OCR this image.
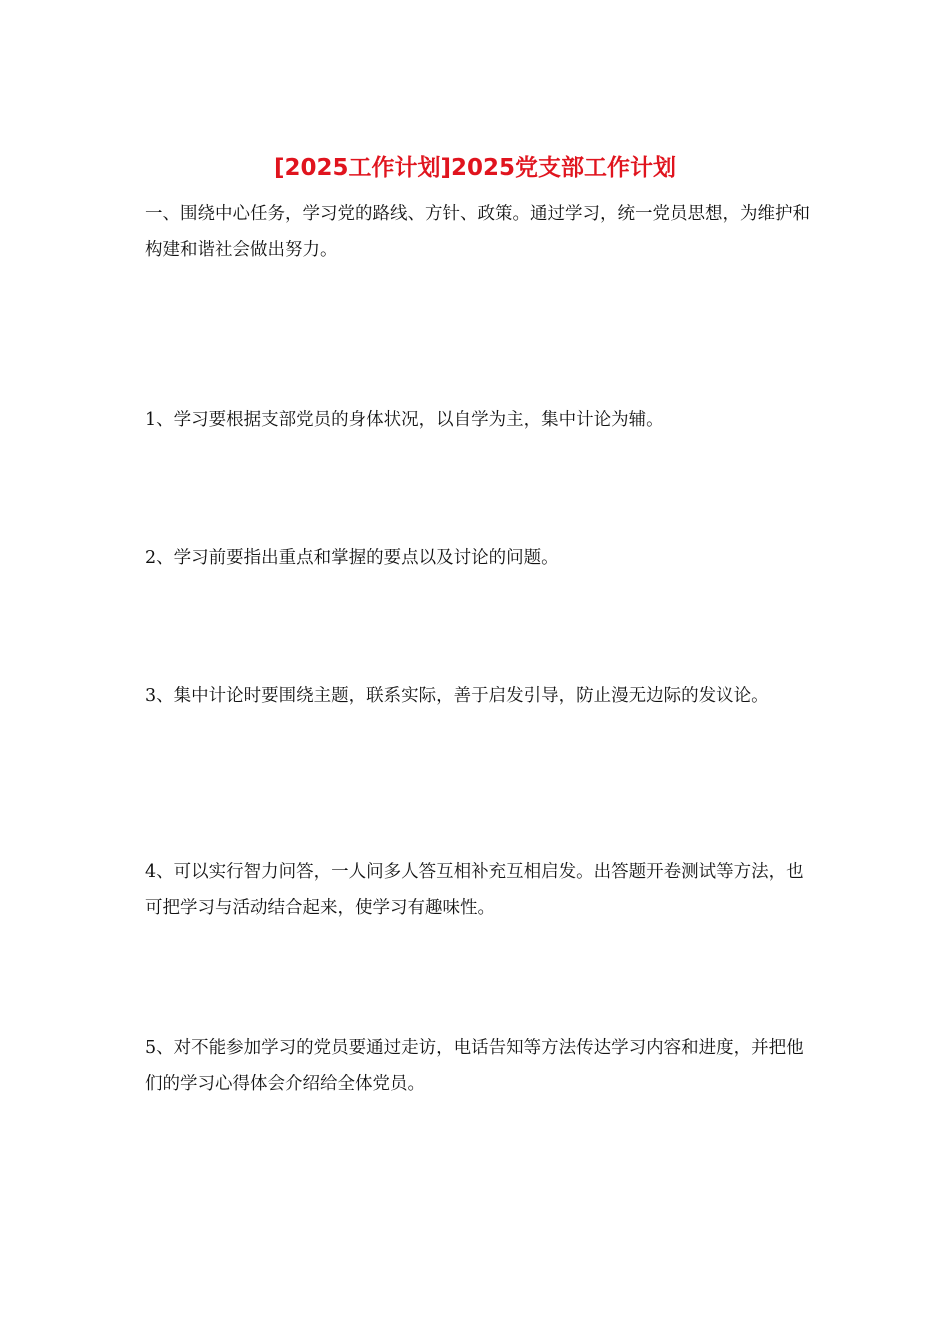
[2025工作计划]2025党支部工作计划

一、围绕中心任务，学习党的路线、方针、政策。通过学习，统一党员思想，为维护和构建和谐社会做出努力。

1、学习要根据支部党员的身体状况，以自学为主，集中计论为辅。

2、学习前要指出重点和掌握的要点以及讨论的问题。

3、集中计论时要围绕主题，联系实际，善于启发引导，防止漫无边际的发议论。

4、可以实行智力问答，一人问多人答互相补充互相启发。出答题开卷测试等方法，也可把学习与活动结合起来，使学习有趣味性。

5、对不能参加学习的党员要通过走访，电话告知等方法传达学习内容和进度，并把他们的学习心得体会介绍给全体党员。
